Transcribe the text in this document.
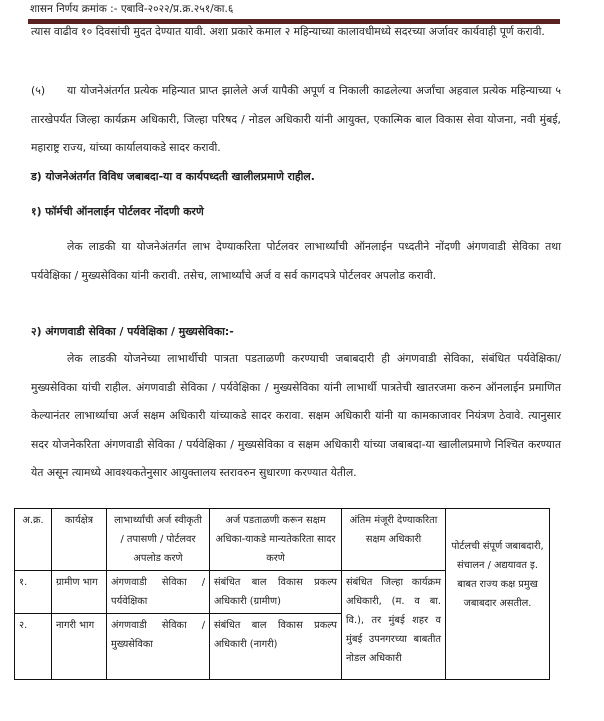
शासन निर्णय क्रमांक :- एबावि-२०२२/प्र.क्र.२५१/का.६
त्यास वाढीव १० दिवसांची मुदत देण्यात यावी. अशा प्रकारे कमाल २ महिन्याच्या कालावधीमध्ये सदरच्या अर्जावर कार्यवाही पूर्ण करावी.
(५) या योजनेअंतर्गत प्रत्येक महिन्यात प्राप्त झालेले अर्ज यापैकी अपूर्ण व निकाली काढलेल्या अर्जांचा अहवाल प्रत्येक महिन्याच्या ५ तारखेपर्यंत जिल्हा कार्यक्रम अधिकारी, जिल्हा परिषद / नोडल अधिकारी यांनी आयुक्त, एकात्मिक बाल विकास सेवा योजना, नवी मुंबई, महाराष्ट्र राज्य, यांच्या कार्यालयाकडे सादर करावी.
ड) योजनेअंतर्गत विविध जबाबदा-या व कार्यपध्दती खालीलप्रमाणे राहील.
१) फॉर्मची ऑनलाईन पोर्टलवर नोंदणी करणे
लेक लाडकी या योजनेअंतर्गत लाभ देण्याकरिता पोर्टलवर लाभार्थ्यांची ऑनलाईन पध्दतीने नोंदणी अंगणवाडी सेविका तथा पर्यवेक्षिका / मुख्यसेविका यांनी करावी. तसेच, लाभार्थ्यांचे अर्ज व सर्व कागदपत्रे पोर्टलवर अपलोड करावी.
२) अंगणवाडी सेविका / पर्यवेक्षिका / मुख्यसेविका:-
लेक लाडकी योजनेच्या लाभार्थीची पात्रता पडताळणी करण्याची जबाबदारी ही अंगणवाडी सेविका, संबंधित पर्यवेक्षिका/ मुख्यसेविका यांची राहील. अंगणवाडी सेविका / पर्यवेक्षिका / मुख्यसेविका यांनी लाभार्थी पात्रतेची खातरजमा करुन ऑनलाईन प्रमाणित केल्यानंतर लाभार्थ्याचा अर्ज सक्षम अधिकारी यांच्याकडे सादर करावा. सक्षम अधिकारी यांनी या कामकाजावर नियंत्रण ठेवावे. त्यानुसार सदर योजनेकरिता अंगणवाडी सेविका / पर्यवेक्षिका / मुख्यसेविका व सक्षम अधिकारी यांच्या जबाबदा-या खालीलप्रमाणे निश्चित करण्यात येत असून त्यामध्ये आवश्यकतेनुसार आयुक्तालय स्तरावरुन सुधारणा करण्यात येतील.
अ.क्र.	कार्यक्षेत्र	लाभार्थ्यांची अर्ज स्वीकृती / तपासणी / पोर्टलवर अपलोड करणे	अर्ज पडताळणी करून सक्षम अधिका-याकडे मान्यतेकरिता सादर करणे	अंतिम मंजूरी देण्याकरिता सक्षम अधिकारी	पोर्टलची संपूर्ण जबाबदारी, संचालन / अद्ययावत इ. बाबत राज्य कक्ष प्रमुख जबाबदार असतील.
१.	ग्रामीण भाग	अंगणवाडी सेविका / पर्यवेक्षिका	संबंधित बाल विकास प्रकल्प अधिकारी (ग्रामीण)	संबंधित जिल्हा कार्यक्रम अधिकारी, (म. व बा. वि.), तर मुंबई शहर व मुंबई उपनगरच्या बाबतीत नोडल अधिकारी	
२.	नागरी भाग	अंगणवाडी सेविका / मुख्यसेविका	संबंधित बाल विकास प्रकल्प अधिकारी (नागरी)		
